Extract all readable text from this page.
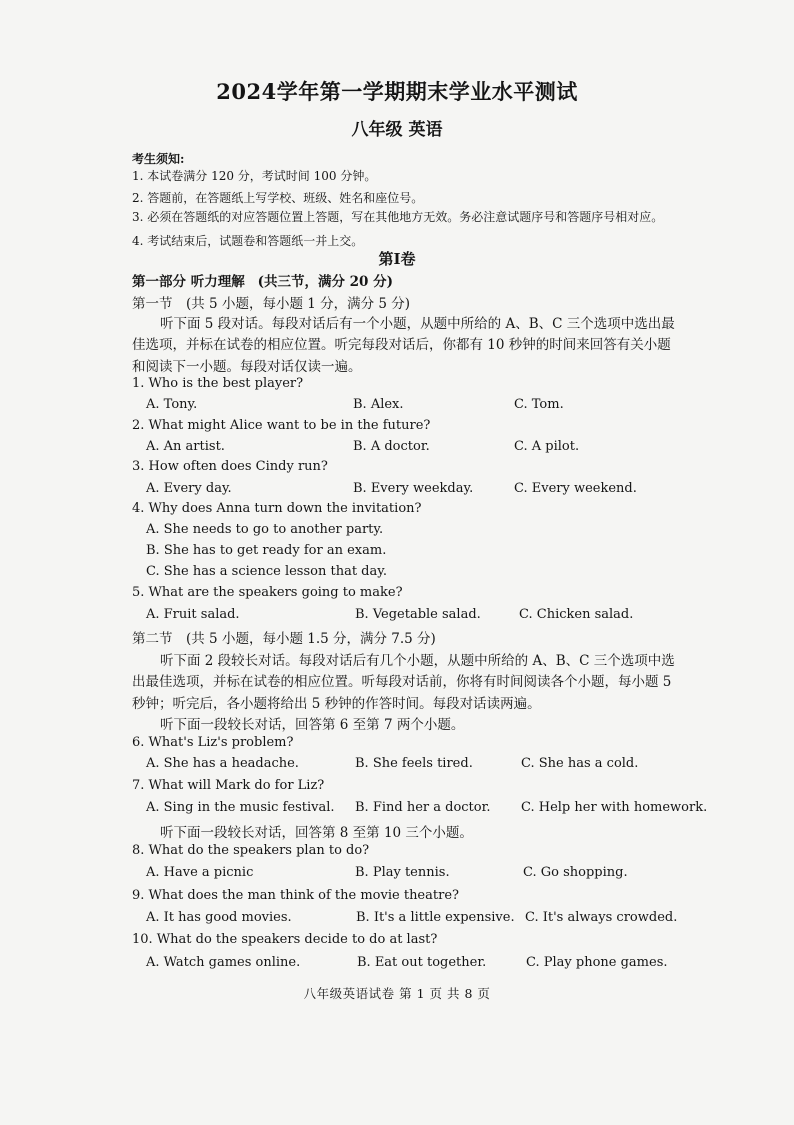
2024学年第一学期期末学业水平测试
八年级 英语
考生须知:
1. 本试卷满分 120 分，考试时间 100 分钟。
2. 答题前，在答题纸上写学校、班级、姓名和座位号。
3. 必须在答题纸的对应答题位置上答题，写在其他地方无效。务必注意试题序号和答题序号相对应。
4. 考试结束后，试题卷和答题纸一并上交。
第I卷
第一部分 听力理解 (共三节，满分 20 分)
第一节　(共 5 小题，每小题 1 分，满分 5 分)
听下面 5 段对话。每段对话后有一个小题，从题中所给的 A、B、C 三个选项中选出最
佳选项，并标在试卷的相应位置。听完每段对话后，你都有 10 秒钟的时间来回答有关小题
和阅读下一小题。每段对话仅读一遍。
1. Who is the best player?
A. Tony.	B. Alex.	C. Tom.
2. What might Alice want to be in the future?
A. An artist.	B. A doctor.	C. A pilot.
3. How often does Cindy run?
A. Every day.	B. Every weekday.	C. Every weekend.
4. Why does Anna turn down the invitation?
A. She needs to go to another party.
B. She has to get ready for an exam.
C. She has a science lesson that day.
5. What are the speakers going to make?
A. Fruit salad.	B. Vegetable salad.	C. Chicken salad.
第二节　(共 5 小题，每小题 1.5 分，满分 7.5 分)
听下面 2 段较长对话。每段对话后有几个小题，从题中所给的 A、B、C 三个选项中选
出最佳选项，并标在试卷的相应位置。听每段对话前，你将有时间阅读各个小题，每小题 5
秒钟；听完后，各小题将给出 5 秒钟的作答时间。每段对话读两遍。
听下面一段较长对话，回答第 6 至第 7 两个小题。
6. What's Liz's problem?
A. She has a headache.	B. She feels tired.	C. She has a cold.
7. What will Mark do for Liz?
A. Sing in the music festival. B. Find her a doctor. C. Help her with homework.
听下面一段较长对话，回答第 8 至第 10 三个小题。
8. What do the speakers plan to do?
A. Have a picnic	B. Play tennis.	C. Go shopping.
9. What does the man think of the movie theatre?
A. It has good movies.	B. It's a little expensive. C. It's always crowded.
10. What do the speakers decide to do at last?
A. Watch games online.	B. Eat out together.	C. Play phone games.
八年级英语试卷 第 1 页 共 8 页
